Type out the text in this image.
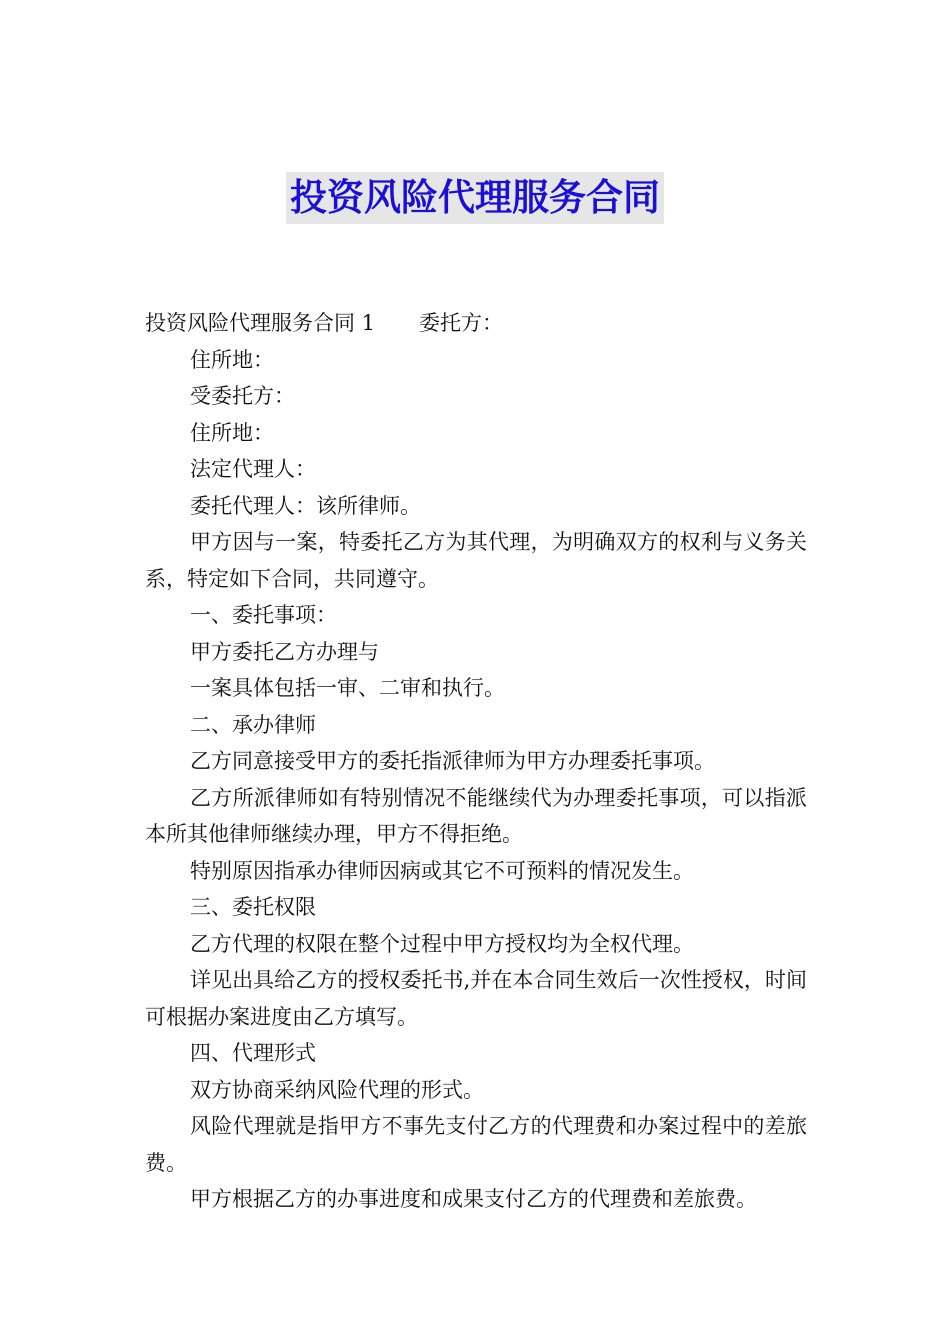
投资风险代理服务合同

投资风险代理服务合同 1 委托方：

住所地：

受委托方：

住所地：

法定代理人：

委托代理人：该所律师。

甲方因与一案，特委托乙方为其代理，为明确双方的权利与义务关系，特定如下合同，共同遵守。

一、委托事项：

甲方委托乙方办理与

一案具体包括一审、二审和执行。

二、承办律师

乙方同意接受甲方的委托指派律师为甲方办理委托事项。

乙方所派律师如有特别情况不能继续代为办理委托事项，可以指派本所其他律师继续办理，甲方不得拒绝。

特别原因指承办律师因病或其它不可预料的情况发生。

三、委托权限

乙方代理的权限在整个过程中甲方授权均为全权代理。

详见出具给乙方的授权委托书,并在本合同生效后一次性授权，时间可根据办案进度由乙方填写。

四、代理形式

双方协商采纳风险代理的形式。

风险代理就是指甲方不事先支付乙方的代理费和办案过程中的差旅费。

甲方根据乙方的办事进度和成果支付乙方的代理费和差旅费。
